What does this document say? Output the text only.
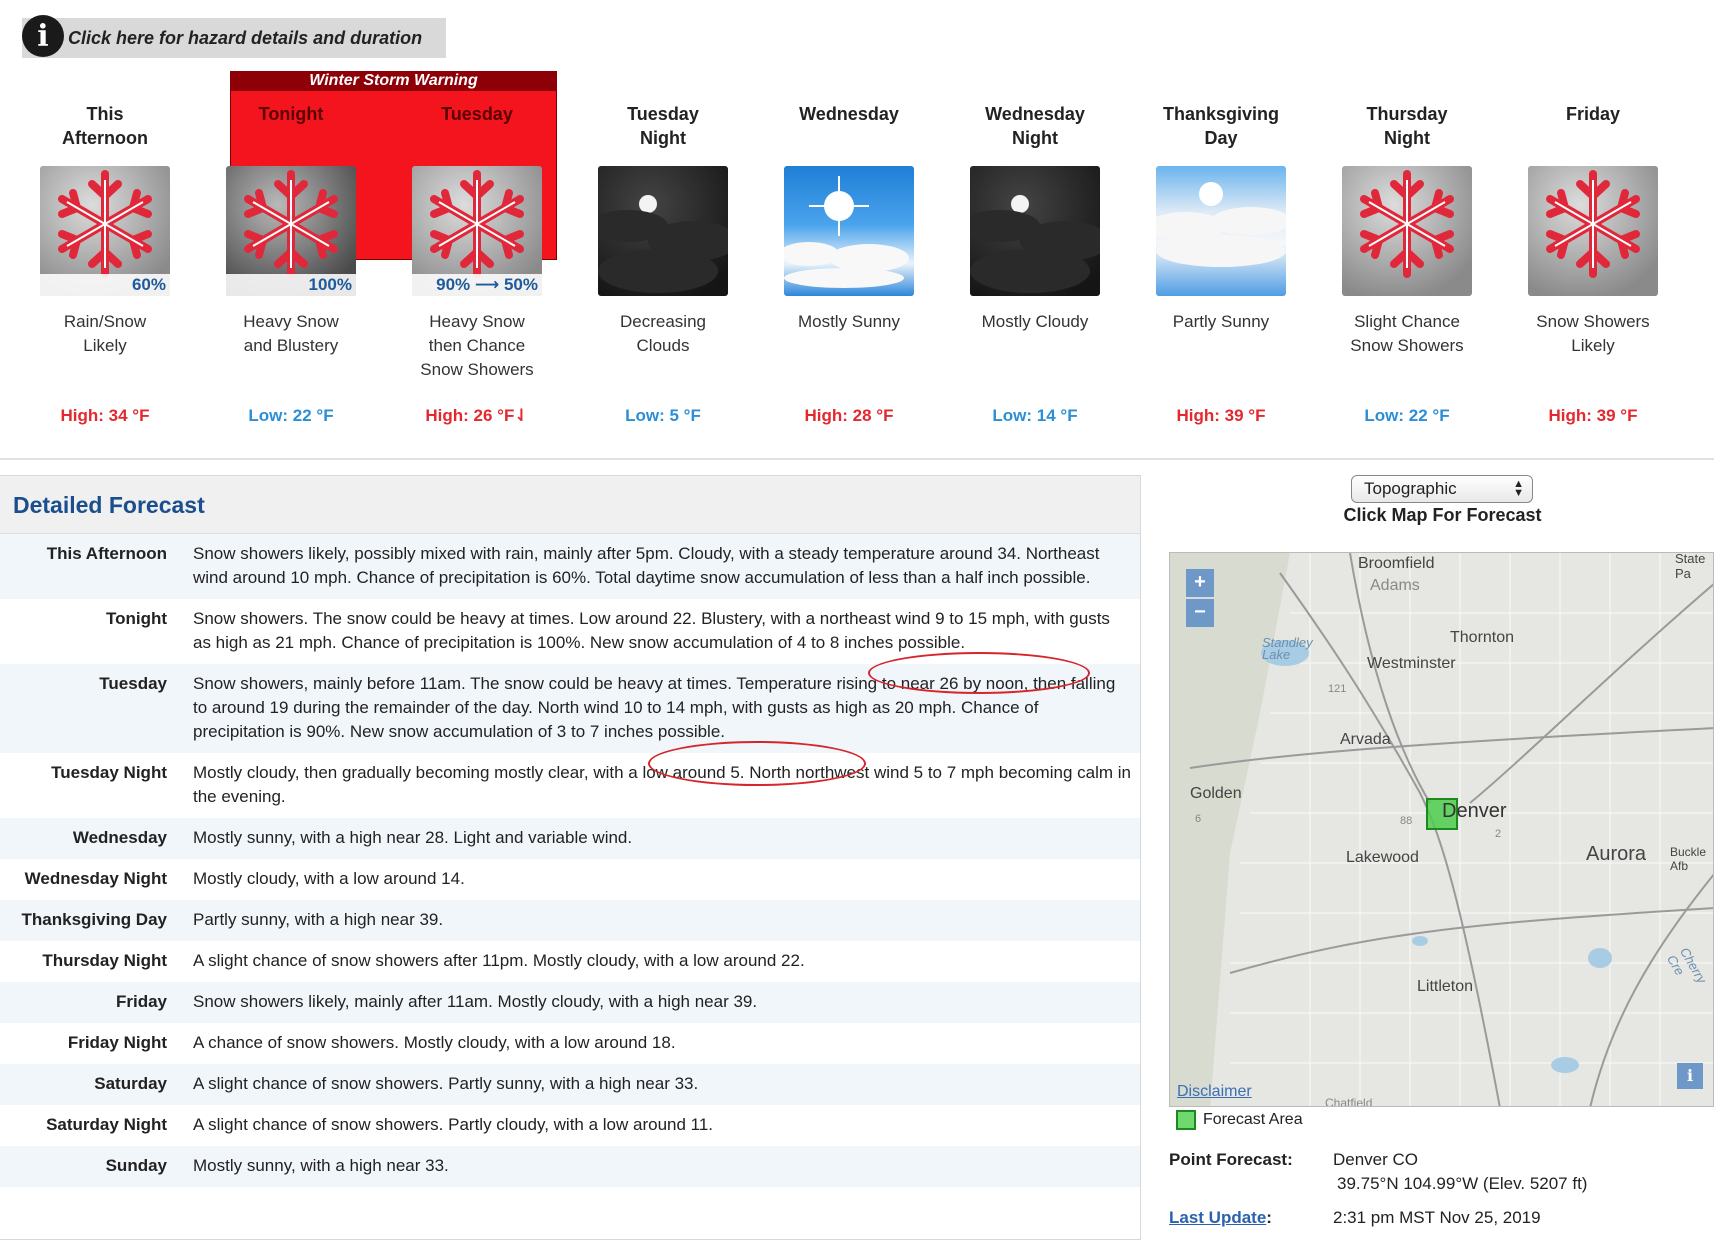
i	Click here for hazard details and duration
Winter Storm Warning
This
Afternoon
60%
Rain/Snow
Likely
High: 34 °F
Tonight
100%
Heavy Snow
and Blustery
Low: 22 °F
Tuesday
90% ⟶ 50%
Heavy Snow
then Chance
Snow Showers
High: 26 °F⇃
Tuesday
Night
Decreasing
Clouds
Low: 5 °F
Wednesday
Mostly Sunny
High: 28 °F
Wednesday
Night
Mostly Cloudy
Low: 14 °F
Thanksgiving
Day
Partly Sunny
High: 39 °F
Thursday
Night
Slight Chance
Snow Showers
Low: 22 °F
Friday
Snow Showers
Likely
High: 39 °F
Detailed Forecast
This Afternoon	Snow showers likely, possibly mixed with rain, mainly after 5pm. Cloudy, with a steady temperature around 34. Northeast wind around 10 mph. Chance of precipitation is 60%. Total daytime snow accumulation of less than a half inch possible.
Tonight	Snow showers. The snow could be heavy at times. Low around 22. Blustery, with a northeast wind 9 to 15 mph, with gusts as high as 21 mph. Chance of precipitation is 100%. New snow accumulation of 4 to 8 inches possible.
Tuesday	Snow showers, mainly before 11am. The snow could be heavy at times. Temperature rising to near 26 by noon, then falling to around 19 during the remainder of the day. North wind 10 to 14 mph, with gusts as high as 20 mph. Chance of precipitation is 90%. New snow accumulation of 3 to 7 inches possible.
Tuesday Night	Mostly cloudy, then gradually becoming mostly clear, with a low around 5. North northwest wind 5 to 7 mph becoming calm in the evening.
Wednesday	Mostly sunny, with a high near 28. Light and variable wind.
Wednesday Night	Mostly cloudy, with a low around 14.
Thanksgiving Day	Partly sunny, with a high near 39.
Thursday Night	A slight chance of snow showers after 11pm. Mostly cloudy, with a low around 22.
Friday	Snow showers likely, mainly after 11am. Mostly cloudy, with a high near 39.
Friday Night	A chance of snow showers. Mostly cloudy, with a low around 18.
Saturday	A slight chance of snow showers. Partly sunny, with a high near 33.
Saturday Night	A slight chance of snow showers. Partly cloudy, with a low around 11.
Sunday	Mostly sunny, with a high near 33.
Topographic	▲
▼
Click Map For Forecast
+
−
Broomfield
Adams
State Pa
Standley Lake
Westminster
Thornton
Arvada
Golden
Denver
Lakewood	Aurora Buckle Afb
Littleton
Cherry Cre
Chatfield
121
88
6
2
Disclaimer
i
Forecast Area
Point Forecast: Denver CO
39.75°N 104.99°W (Elev. 5207 ft)
Last Update:	2:31 pm MST Nov 25, 2019
